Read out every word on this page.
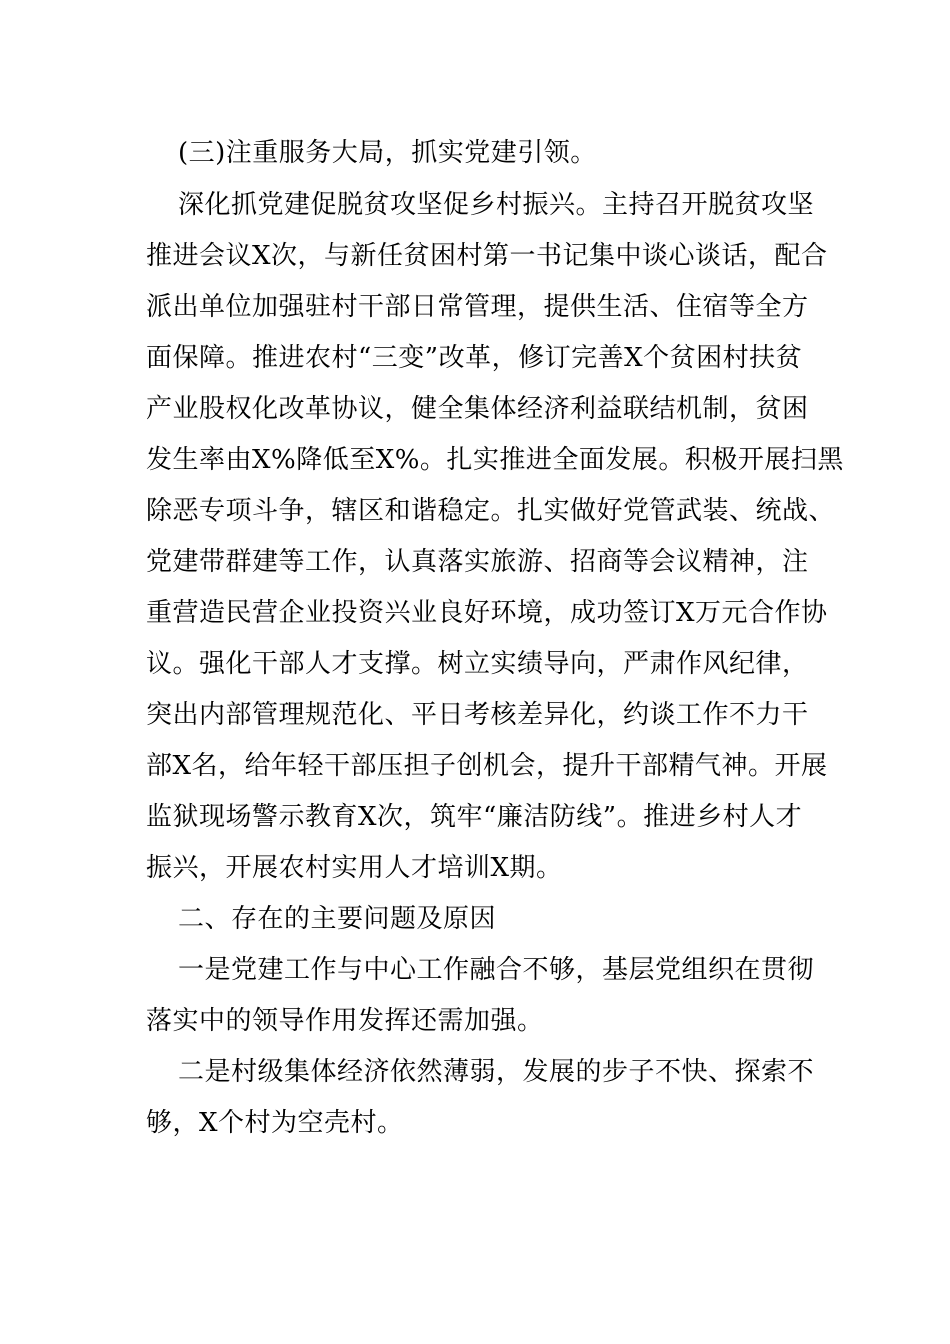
(三)注重服务大局，抓实党建引领。
深化抓党建促脱贫攻坚促乡村振兴。主持召开脱贫攻坚
推进会议X次，与新任贫困村第一书记集中谈心谈话，配合
派出单位加强驻村干部日常管理，提供生活、住宿等全方
面保障。推进农村“三变”改革，修订完善X个贫困村扶贫
产业股权化改革协议，健全集体经济利益联结机制，贫困
发生率由X%降低至X%。扎实推进全面发展。积极开展扫黑
除恶专项斗争，辖区和谐稳定。扎实做好党管武装、统战、
党建带群建等工作，认真落实旅游、招商等会议精神，注
重营造民营企业投资兴业良好环境，成功签订X万元合作协
议。强化干部人才支撑。树立实绩导向，严肃作风纪律，
突出内部管理规范化、平日考核差异化，约谈工作不力干
部X名，给年轻干部压担子创机会，提升干部精气神。开展
监狱现场警示教育X次，筑牢“廉洁防线”。推进乡村人才
振兴，开展农村实用人才培训X期。
二、存在的主要问题及原因
一是党建工作与中心工作融合不够，基层党组织在贯彻
落实中的领导作用发挥还需加强。
二是村级集体经济依然薄弱，发展的步子不快、探索不
够，X个村为空壳村。
